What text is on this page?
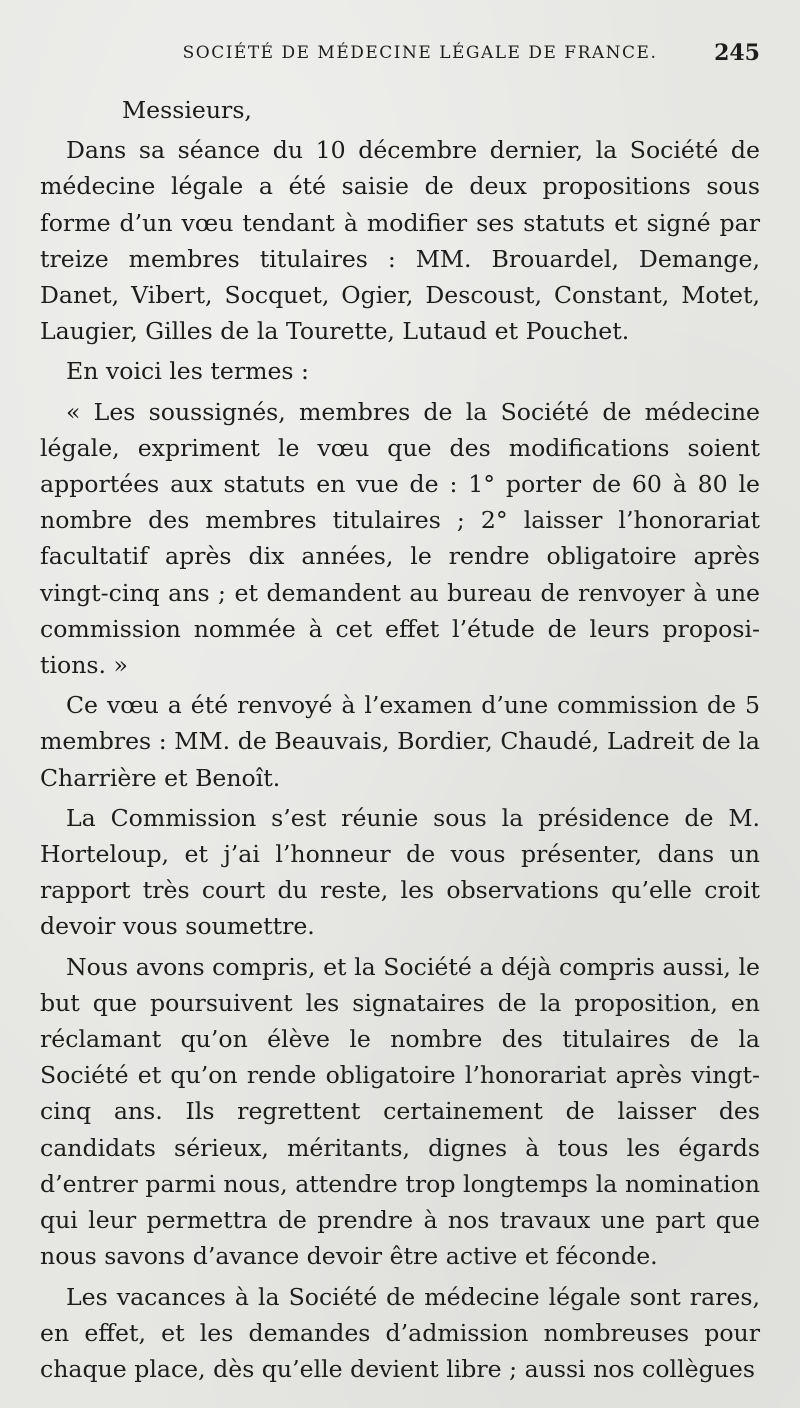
SOCIÉTÉ DE MÉDECINE LÉGALE DE FRANCE.	245

Messieurs,

Dans sa séance du 10 décembre dernier, la Société de médecine légale a été saisie de deux propositions sous forme d’un vœu tendant à modifier ses statuts et signé par treize membres titulaires : MM. Brouardel, Demange, Danet, Vibert, Socquet, Ogier, Descoust, Constant, Motet, Laugier, Gilles de la Tourette, Lutaud et Pouchet.

En voici les termes :

« Les soussignés, membres de la Société de médecine légale, expriment le vœu que des modifications soient apportées aux statuts en vue de : 1° porter de 60 à 80 le nombre des membres titulaires ; 2° laisser l’honorariat facultatif après dix années, le rendre obligatoire après vingt-cinq ans ; et demandent au bureau de renvoyer à une commission nommée à cet effet l’étude de leurs propositions. »

Ce vœu a été renvoyé à l’examen d’une commission de 5 membres : MM. de Beauvais, Bordier, Chaudé, Ladreit de la Charrière et Benoît.

La Commission s’est réunie sous la présidence de M. Horteloup, et j’ai l’honneur de vous présenter, dans un rapport très court du reste, les observations qu’elle croit devoir vous soumettre.

Nous avons compris, et la Société a déjà compris aussi, le but que poursuivent les signataires de la proposition, en réclamant qu’on élève le nombre des titulaires de la Société et qu’on rende obligatoire l’honorariat après vingt-cinq ans. Ils regrettent certainement de laisser des candidats sérieux, méritants, dignes à tous les égards d’entrer parmi nous, attendre trop longtemps la nomination qui leur permettra de prendre à nos travaux une part que nous savons d’avance devoir être active et féconde.

Les vacances à la Société de médecine légale sont rares, en effet, et les demandes d’admission nombreuses pour chaque place, dès qu’elle devient libre ; aussi nos collègues
